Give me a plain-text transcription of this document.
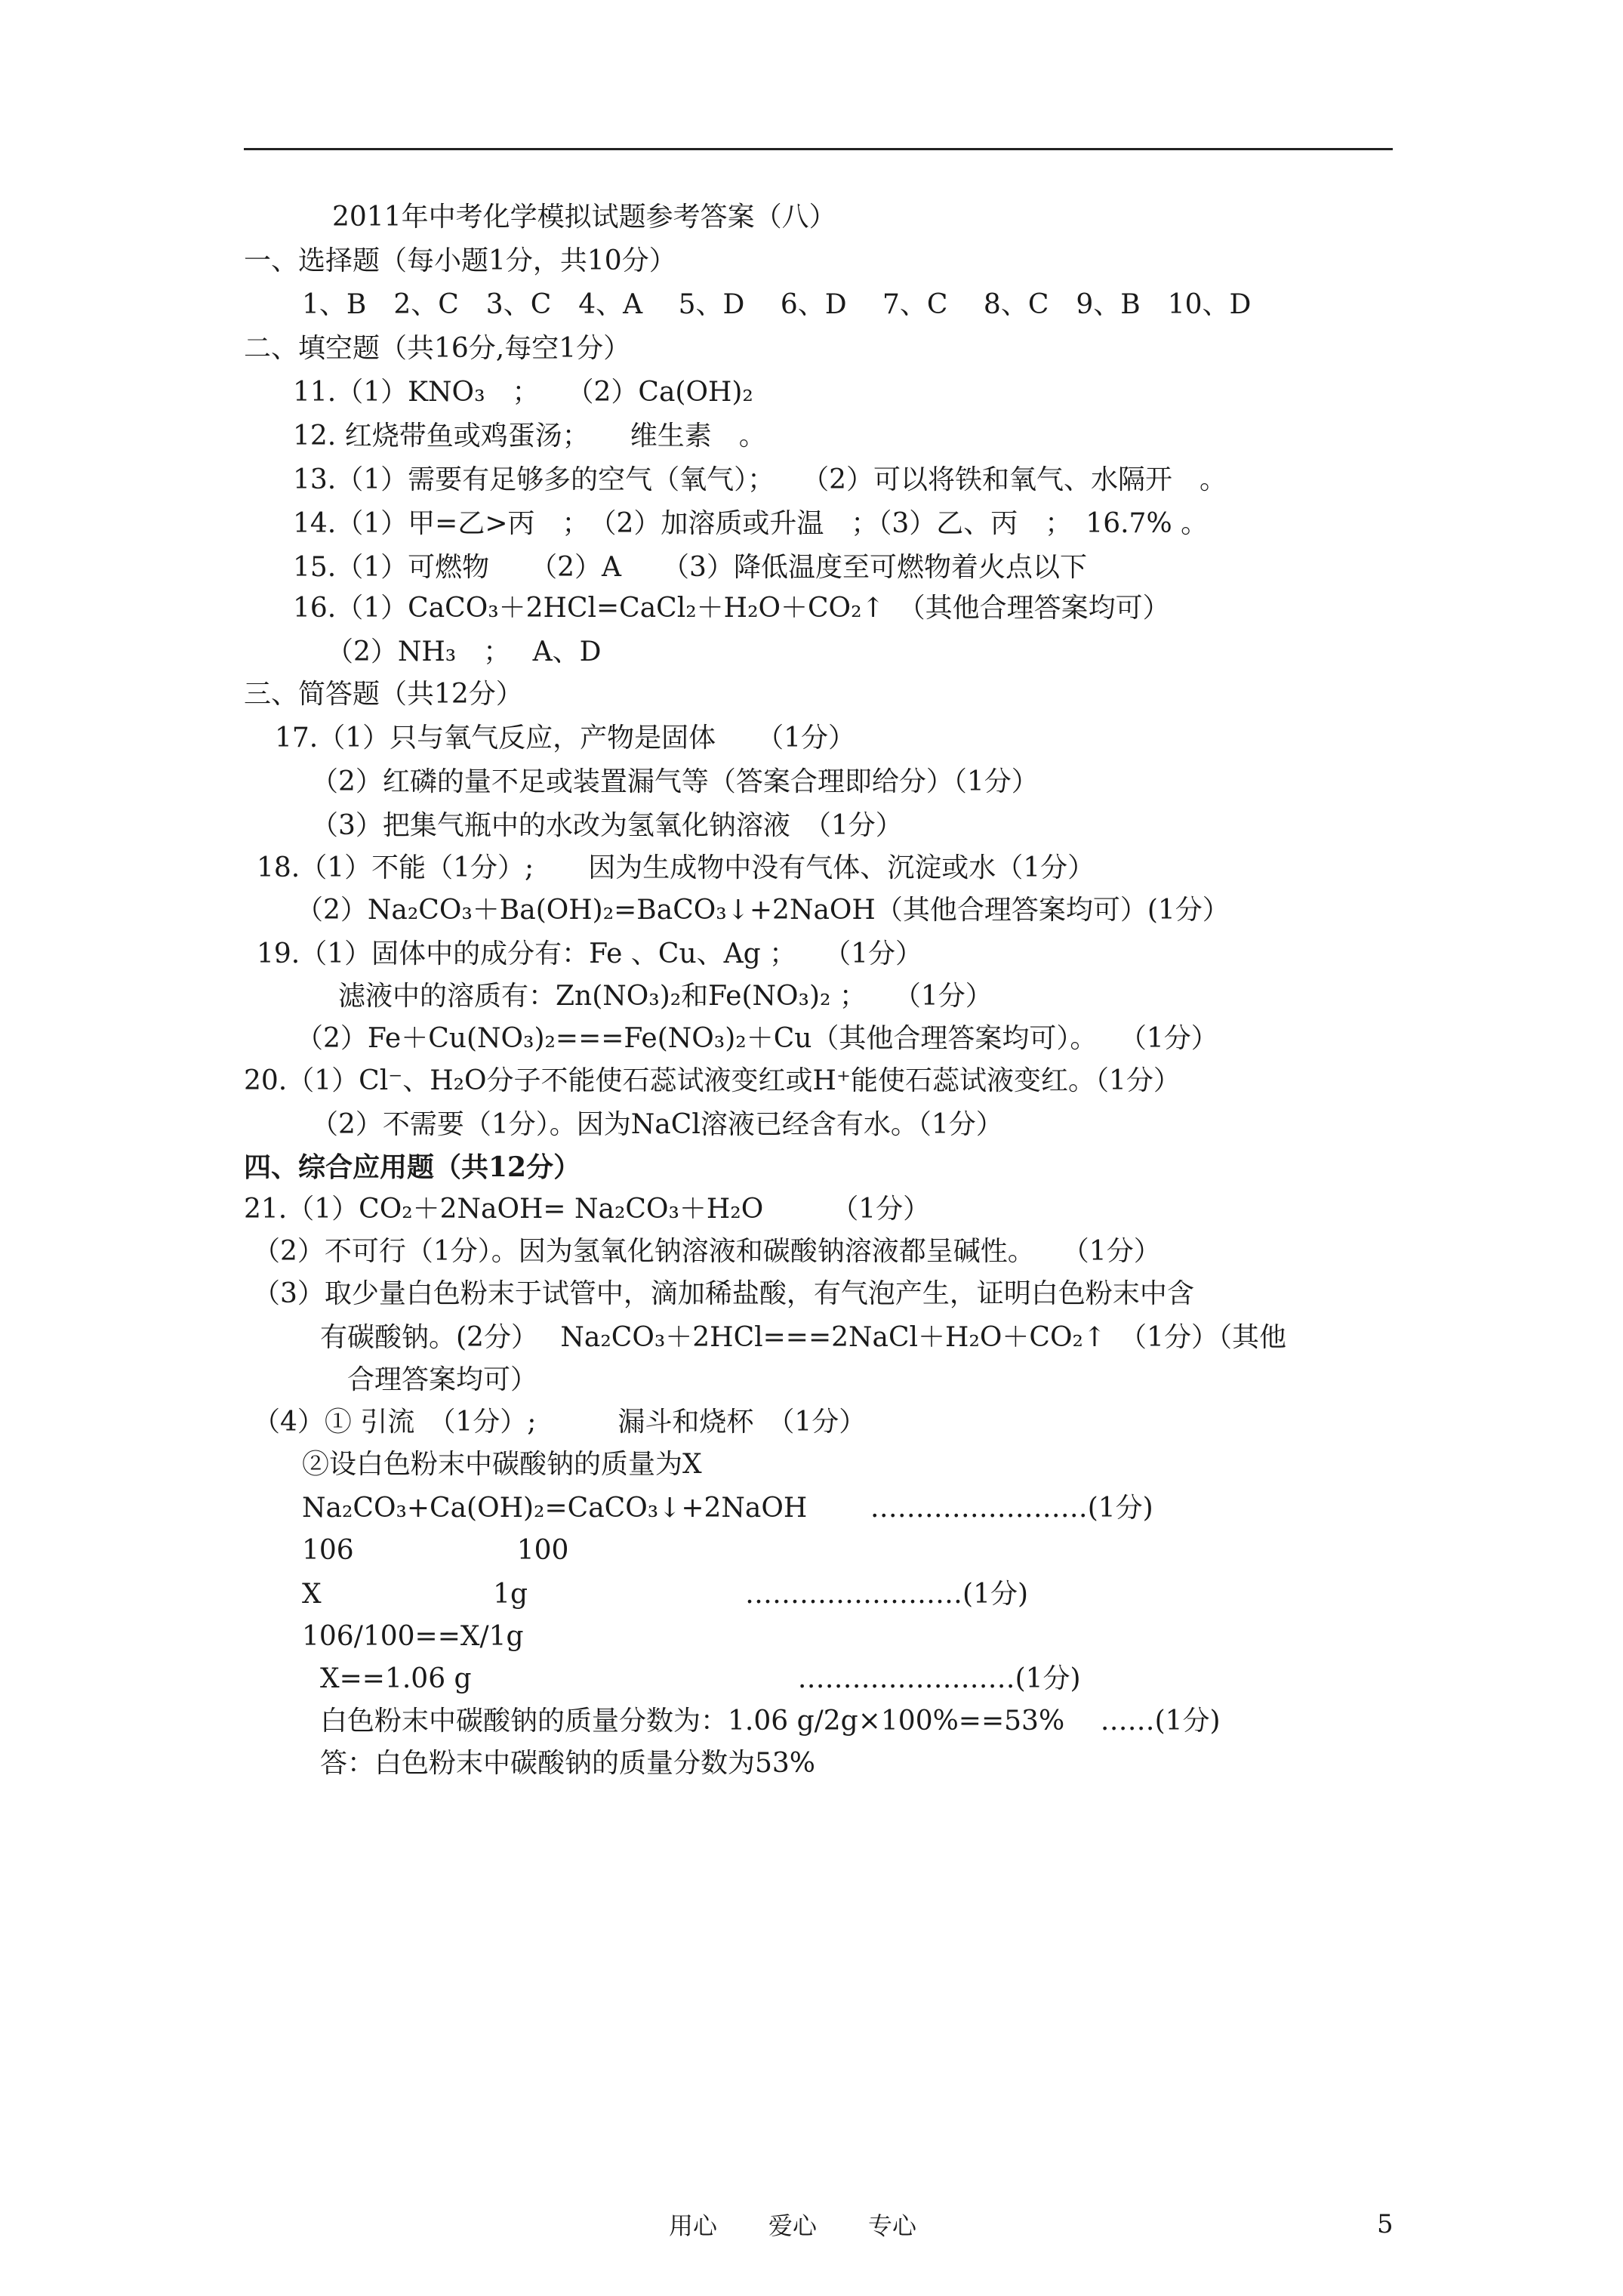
2011年中考化学模拟试题参考答案（八）
一、选择题（每小题1分，共10分）
1、B　2、C　3、C　4、A　 5、D　 6、D　 7、C　 8、C　9、B　10、D
二、填空题（共16分,每空1分）
11.（1）KNO₃　；　　（2）Ca(OH)₂
12. 红烧带鱼或鸡蛋汤；　　维生素　。
13.（1）需要有足够多的空气（氧气）；　　（2）可以将铁和氧气、水隔开　。
14.（1）甲=乙>丙　；　（2）加溶质或升温　；（3）乙、丙　；　16.7% 。
15.（1）可燃物　　（2）A　　（3）降低温度至可燃物着火点以下
16.（1）CaCO₃＋2HCl=CaCl₂＋H₂O＋CO₂↑　（其他合理答案均可）
（2）NH₃　；　 A、D
三、简答题（共12分）
17.（1）只与氧气反应，产物是固体　　（1分）
（2）红磷的量不足或装置漏气等（答案合理即给分）（1分）
（3）把集气瓶中的水改为氢氧化钠溶液　（1分）
18.（1）不能（1分）;　　因为生成物中没有气体、沉淀或水（1分）
（2）Na₂CO₃＋Ba(OH)₂=BaCO₃↓+2NaOH（其他合理答案均可）(1分）
19.（1）固体中的成分有：Fe 、Cu、Ag ；　　（1分）
滤液中的溶质有：Zn(NO₃)₂和Fe(NO₃)₂ ；　　（1分）
（2）Fe＋Cu(NO₃)₂===Fe(NO₃)₂＋Cu（其他合理答案均可）。　 （1分）
20.（1）Cl⁻、H₂O分子不能使石蕊试液变红或H⁺能使石蕊试液变红。（1分）
（2）不需要（1分）。因为NaCl溶液已经含有水。（1分）
四、综合应用题（共12分）
21.（1）CO₂＋2NaOH= Na₂CO₃＋H₂O　　　（1分）
（2）不可行（1分）。因为氢氧化钠溶液和碳酸钠溶液都呈碱性。　　（1分）
（3）取少量白色粉末于试管中，滴加稀盐酸，有气泡产生，证明白色粉末中含
有碳酸钠。(2分）　 Na₂CO₃＋2HCl===2NaCl＋H₂O＋CO₂↑　（1分）（其他
合理答案均可）
（4）① 引流　（1分）;　　　漏斗和烧杯　（1分）
②设白色粉末中碳酸钠的质量为X
Na₂CO₃+Ca(OH)₂=CaCO₃↓+2NaOH　　 ……………………(1分)
106　　　　　　100
X　　　　　　 1g　　　　　　　　……………………(1分)
106/100==X/1g
X==1.06 g　　　　　　　　　　　　……………………(1分)
白色粉末中碳酸钠的质量分数为：1.06 g/2g×100%==53%　 ……(1分)
答：白色粉末中碳酸钠的质量分数为53%
用心 爱心 专心	5
